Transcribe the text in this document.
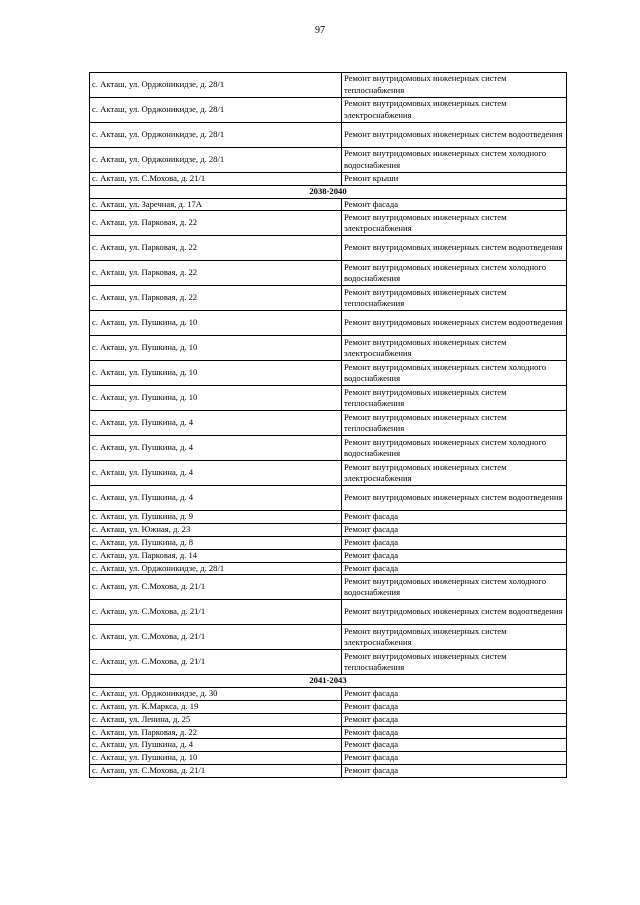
97
с. Акташ, ул. Орджоникидзе, д. 28/1	Ремонт внутридомовых инженерных систем теплоснабжения
с. Акташ, ул. Орджоникидзе, д. 28/1	Ремонт внутридомовых инженерных систем электроснабжения
с. Акташ, ул. Орджоникидзе, д. 28/1	Ремонт внутридомовых инженерных систем водоотведения
с. Акташ, ул. Орджоникидзе, д. 28/1	Ремонт внутридомовых инженерных систем холодного водоснабжения
с. Акташ, ул. С.Мохова, д. 21/1	Ремонт крыши
2038-2040	
с. Акташ, ул. Заречная, д. 17А	Ремонт фасада
с. Акташ, ул. Парковая, д. 22	Ремонт внутридомовых инженерных систем электроснабжения
с. Акташ, ул. Парковая, д. 22	Ремонт внутридомовых инженерных систем водоотведения
с. Акташ, ул. Парковая, д. 22	Ремонт внутридомовых инженерных систем холодного водоснабжения
с. Акташ, ул. Парковая, д. 22	Ремонт внутридомовых инженерных систем теплоснабжения
с. Акташ, ул. Пушкина, д. 10	Ремонт внутридомовых инженерных систем водоотведения
с. Акташ, ул. Пушкина, д. 10	Ремонт внутридомовых инженерных систем электроснабжения
с. Акташ, ул. Пушкина, д. 10	Ремонт внутридомовых инженерных систем холодного водоснабжения
с. Акташ, ул. Пушкина, д. 10	Ремонт внутридомовых инженерных систем теплоснабжения
с. Акташ, ул. Пушкина, д. 4	Ремонт внутридомовых инженерных систем теплоснабжения
с. Акташ, ул. Пушкина, д. 4	Ремонт внутридомовых инженерных систем холодного водоснабжения
с. Акташ, ул. Пушкина, д. 4	Ремонт внутридомовых инженерных систем электроснабжения
с. Акташ, ул. Пушкина, д. 4	Ремонт внутридомовых инженерных систем водоотведения
с. Акташ, ул. Пушкина, д. 9	Ремонт фасада
с. Акташ, ул. Южная, д. 23	Ремонт фасада
с. Акташ, ул. Пушкина, д. 8	Ремонт фасада
с. Акташ, ул. Парковая, д. 14	Ремонт фасада
с. Акташ, ул. Орджоникидзе, д. 28/1	Ремонт фасада
с. Акташ, ул. С.Мохова, д. 21/1	Ремонт внутридомовых инженерных систем холодного водоснабжения
с. Акташ, ул. С.Мохова, д. 21/1	Ремонт внутридомовых инженерных систем водоотведения
с. Акташ, ул. С.Мохова, д. 21/1	Ремонт внутридомовых инженерных систем электроснабжения
с. Акташ, ул. С.Мохова, д. 21/1	Ремонт внутридомовых инженерных систем теплоснабжения
2041-2043	
с. Акташ, ул. Орджоникидзе, д. 30	Ремонт фасада
с. Акташ, ул. К.Маркса, д. 19	Ремонт фасада
с. Акташ, ул. Ленина, д. 25	Ремонт фасада
с. Акташ, ул. Парковая, д. 22	Ремонт фасада
с. Акташ, ул. Пушкина, д. 4	Ремонт фасада
с. Акташ, ул. Пушкина, д. 10	Ремонт фасада
с. Акташ, ул. С.Мохова, д. 21/1	Ремонт фасада
